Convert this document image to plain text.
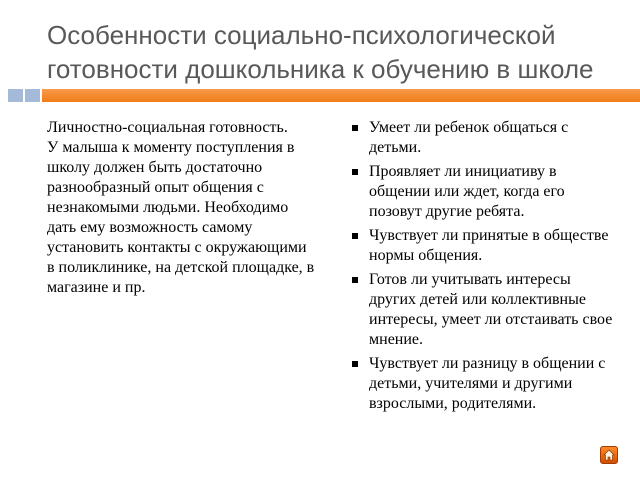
Особенности социально-психологической готовности дошкольника к обучению в школе

Личностно-социальная готовность.

У малыша к моменту поступления в школу должен быть достаточно разнообразный опыт общения с незнакомыми людьми. Необходимо дать ему возможность самому установить контакты с окружающими в поликлинике, на детской площадке, в магазине и пр.

Умеет ли ребенок общаться с детьми.
Проявляет ли инициативу в общении или ждет, когда его позовут другие ребята.
Чувствует ли принятые в обществе нормы общения.
Готов ли учитывать интересы других детей или коллективные интересы, умеет ли отстаивать свое мнение.
Чувствует ли разницу в общении с детьми, учителями и другими взрослыми, родителями.
